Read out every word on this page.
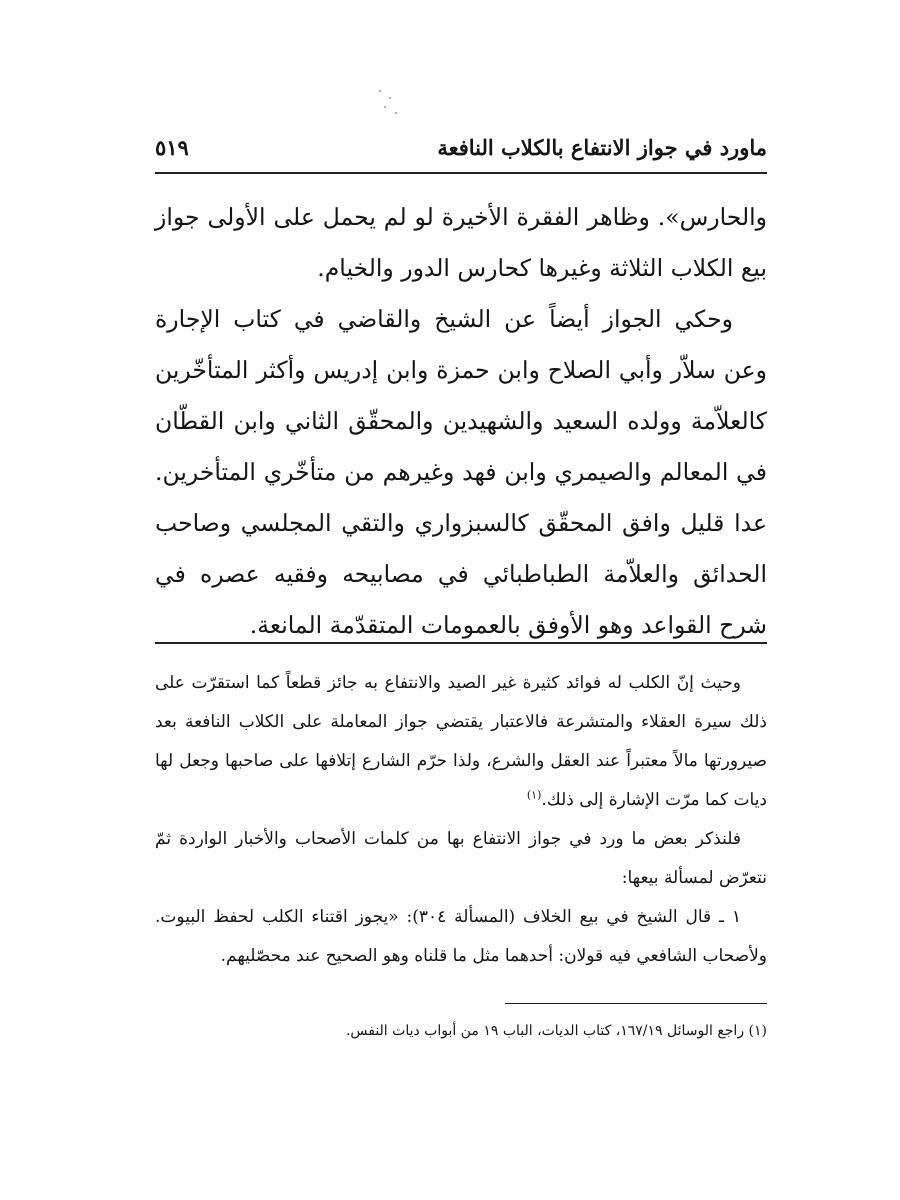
ماورد في جواز الانتفاع بالكلاب النافعة
٥١٩

والحارس». وظاهر الفقرة الأخيرة لو لم يحمل على الأولى جواز بيع الكلاب الثلاثة وغيرها كحارس الدور والخيام.

وحكي الجواز أيضاً عن الشيخ والقاضي في كتاب الإجارة وعن سلاّر وأبي الصلاح وابن حمزة وابن إدريس وأكثر المتأخّرين كالعلاّمة وولده السعيد والشهيدين والمحقّق الثاني وابن القطّان في المعالم والصيمري وابن فهد وغيرهم من متأخّري المتأخرين. عدا قليل وافق المحقّق كالسبزواري والتقي المجلسي وصاحب الحدائق والعلاّمة الطباطبائي في مصابيحه وفقيه عصره في شرح القواعد وهو الأوفق بالعمومات المتقدّمة المانعة.

وحيث إنّ الكلب له فوائد كثيرة غير الصيد والانتفاع به جائز قطعاً كما استقرّت على ذلك سيرة العقلاء والمتشرعة فالاعتبار يقتضي جواز المعاملة على الكلاب النافعة بعد صيرورتها مالاً معتبراً عند العقل والشرع، ولذا حرّم الشارع إتلافها على صاحبها وجعل لها ديات كما مرّت الإشارة إلى ذلك.$^{(١)}$

فلنذكر بعض ما ورد في جواز الانتفاع بها من كلمات الأصحاب والأخبار الواردة ثمّ نتعرّض لمسألة بيعها:

١ ـ قال الشيخ في بيع الخلاف (المسألة ٣٠٤): «يجوز اقتناء الكلب لحفظ البيوت. ولأصحاب الشافعي فيه قولان: أحدهما مثل ما قلناه وهو الصحيح عند محصّليهم.

(١) راجع الوسائل ١٦٧/١٩، كتاب الديات، الباب ١٩ من أبواب ديات النفس.
